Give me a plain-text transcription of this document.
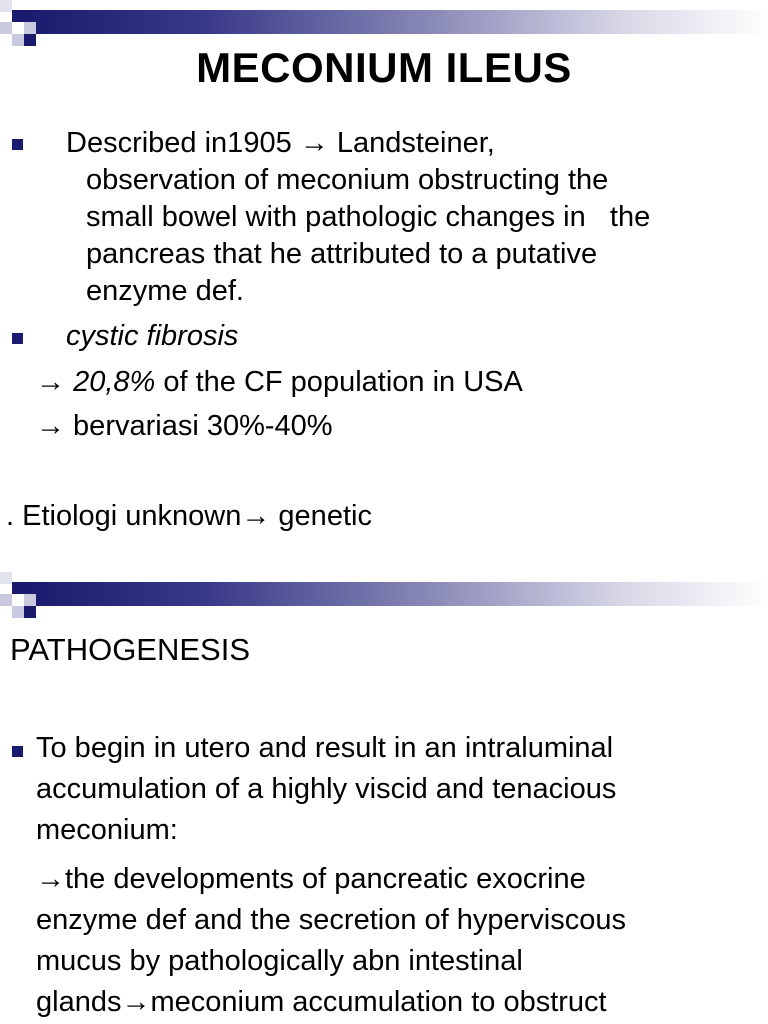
MECONIUM ILEUS
Described in1905 → Landsteiner,
observation of meconium obstructing the
small bowel with pathologic changes in   the
pancreas that he attributed to a putative
enzyme def.
cystic fibrosis
→ 20,8% of the CF population in USA
→ bervariasi 30%-40%
. Etiologi unknown→ genetic
PATHOGENESIS
To begin in utero and result in an intraluminal
accumulation of a highly viscid and tenacious
meconium:
→the developments of pancreatic exocrine
enzyme def and the secretion of hyperviscous
mucus by pathologically abn intestinal
glands→meconium accumulation to obstruct
